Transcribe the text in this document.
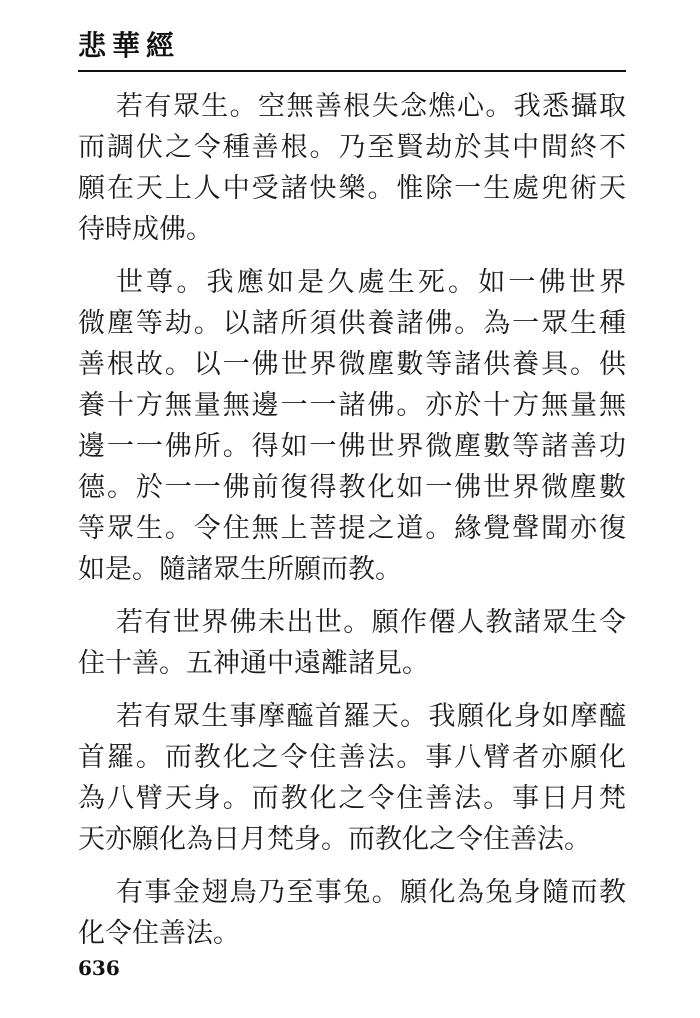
悲華經
若有眾生。空無善根失念燋心。我悉攝取
而調伏之令種善根。乃至賢劫於其中間終不
願在天上人中受諸快樂。惟除一生處兜術天
待時成佛。
世尊。我應如是久處生死。如一佛世界
微塵等劫。以諸所須供養諸佛。為一眾生種
善根故。以一佛世界微塵數等諸供養具。供
養十方無量無邊一一諸佛。亦於十方無量無
邊一一佛所。得如一佛世界微塵數等諸善功
德。於一一佛前復得教化如一佛世界微塵數
等眾生。令住無上菩提之道。緣覺聲聞亦復
如是。隨諸眾生所願而教。
若有世界佛未出世。願作僊人教諸眾生令
住十善。五神通中遠離諸見。
若有眾生事摩醯首羅天。我願化身如摩醯
首羅。而教化之令住善法。事八臂者亦願化
為八臂天身。而教化之令住善法。事日月梵
天亦願化為日月梵身。而教化之令住善法。
有事金翅鳥乃至事兔。願化為兔身隨而教
化令住善法。
636
